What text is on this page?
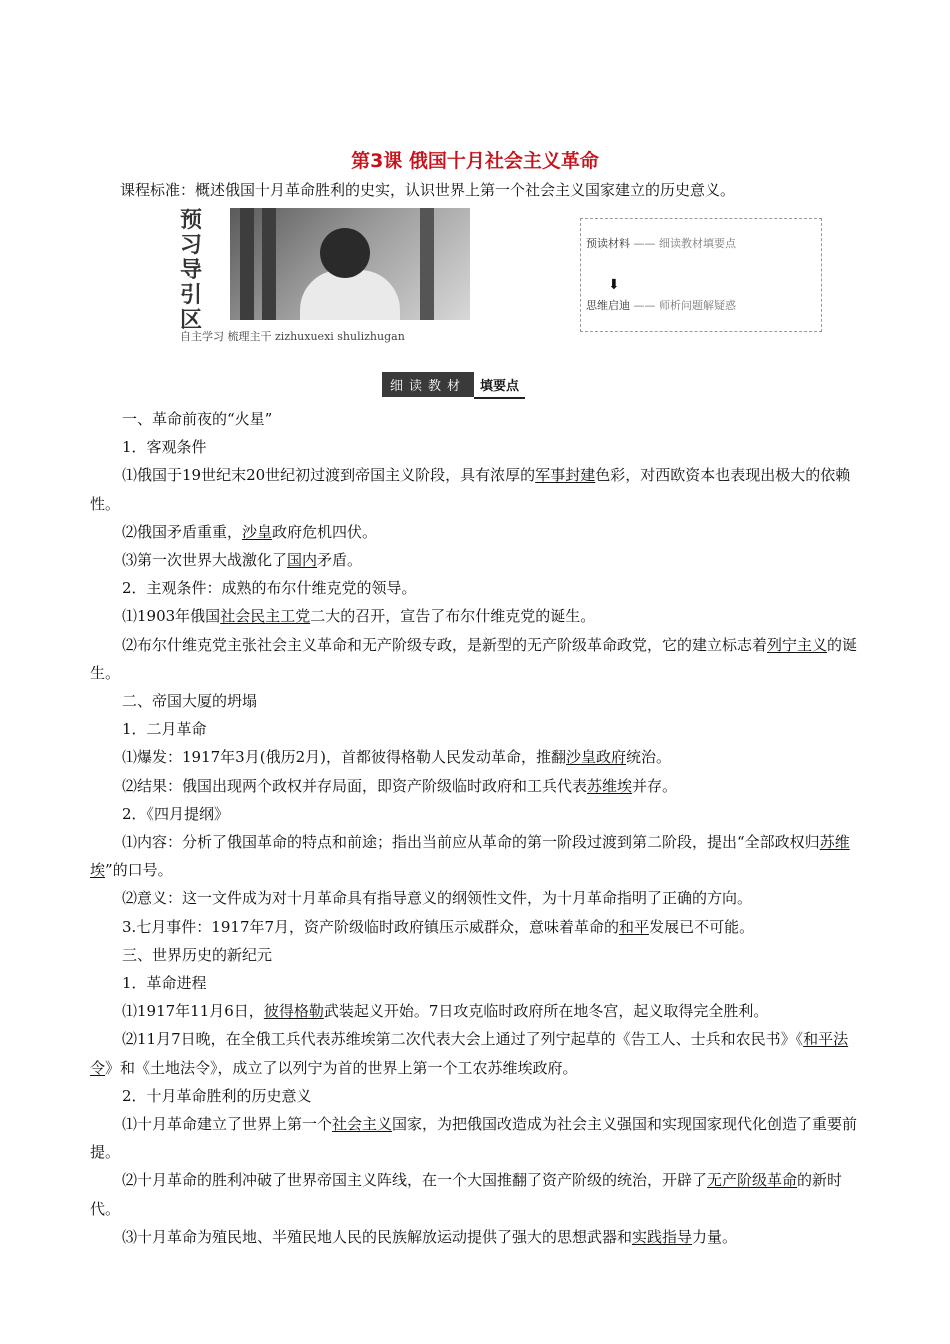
第3课 俄国十月社会主义革命
课程标准：概述俄国十月革命胜利的史实，认识世界上第一个社会主义国家建立的历史意义。
预
习
导
引
区
自主学习 梳理主干 zizhuxuexi shulizhugan
预读材料 —— 细读教材填要点
⬇
思维启迪 —— 师析问题解疑惑
细读教材 填要点

一、革命前夜的“火星”

1．客观条件

⑴俄国于19世纪末20世纪初过渡到帝国主义阶段，具有浓厚的军事封建色彩，对西欧资本也表现出极大的依赖性。

⑵俄国矛盾重重，沙皇政府危机四伏。

⑶第一次世界大战激化了国内矛盾。

2．主观条件：成熟的布尔什维克党的领导。

⑴1903年俄国社会民主工党二大的召开，宣告了布尔什维克党的诞生。

⑵布尔什维克党主张社会主义革命和无产阶级专政，是新型的无产阶级革命政党，它的建立标志着列宁主义的诞生。

二、帝国大厦的坍塌

1．二月革命

⑴爆发：1917年3月(俄历2月)，首都彼得格勒人民发动革命，推翻沙皇政府统治。

⑵结果：俄国出现两个政权并存局面，即资产阶级临时政府和工兵代表苏维埃并存。

2．《四月提纲》

⑴内容：分析了俄国革命的特点和前途；指出当前应从革命的第一阶段过渡到第二阶段，提出“全部政权归苏维埃”的口号。

⑵意义：这一文件成为对十月革命具有指导意义的纲领性文件，为十月革命指明了正确的方向。

3.七月事件：1917年7月，资产阶级临时政府镇压示威群众，意味着革命的和平发展已不可能。

三、世界历史的新纪元

1．革命进程

⑴1917年11月6日，彼得格勒武装起义开始。7日攻克临时政府所在地冬宫，起义取得完全胜利。

⑵11月7日晚，在全俄工兵代表苏维埃第二次代表大会上通过了列宁起草的《告工人、士兵和农民书》《和平法令》和《土地法令》，成立了以列宁为首的世界上第一个工农苏维埃政府。

2．十月革命胜利的历史意义

⑴十月革命建立了世界上第一个社会主义国家，为把俄国改造成为社会主义强国和实现国家现代化创造了重要前提。

⑵十月革命的胜利冲破了世界帝国主义阵线，在一个大国推翻了资产阶级的统治，开辟了无产阶级革命的新时代。

⑶十月革命为殖民地、半殖民地人民的民族解放运动提供了强大的思想武器和实践指导力量。
